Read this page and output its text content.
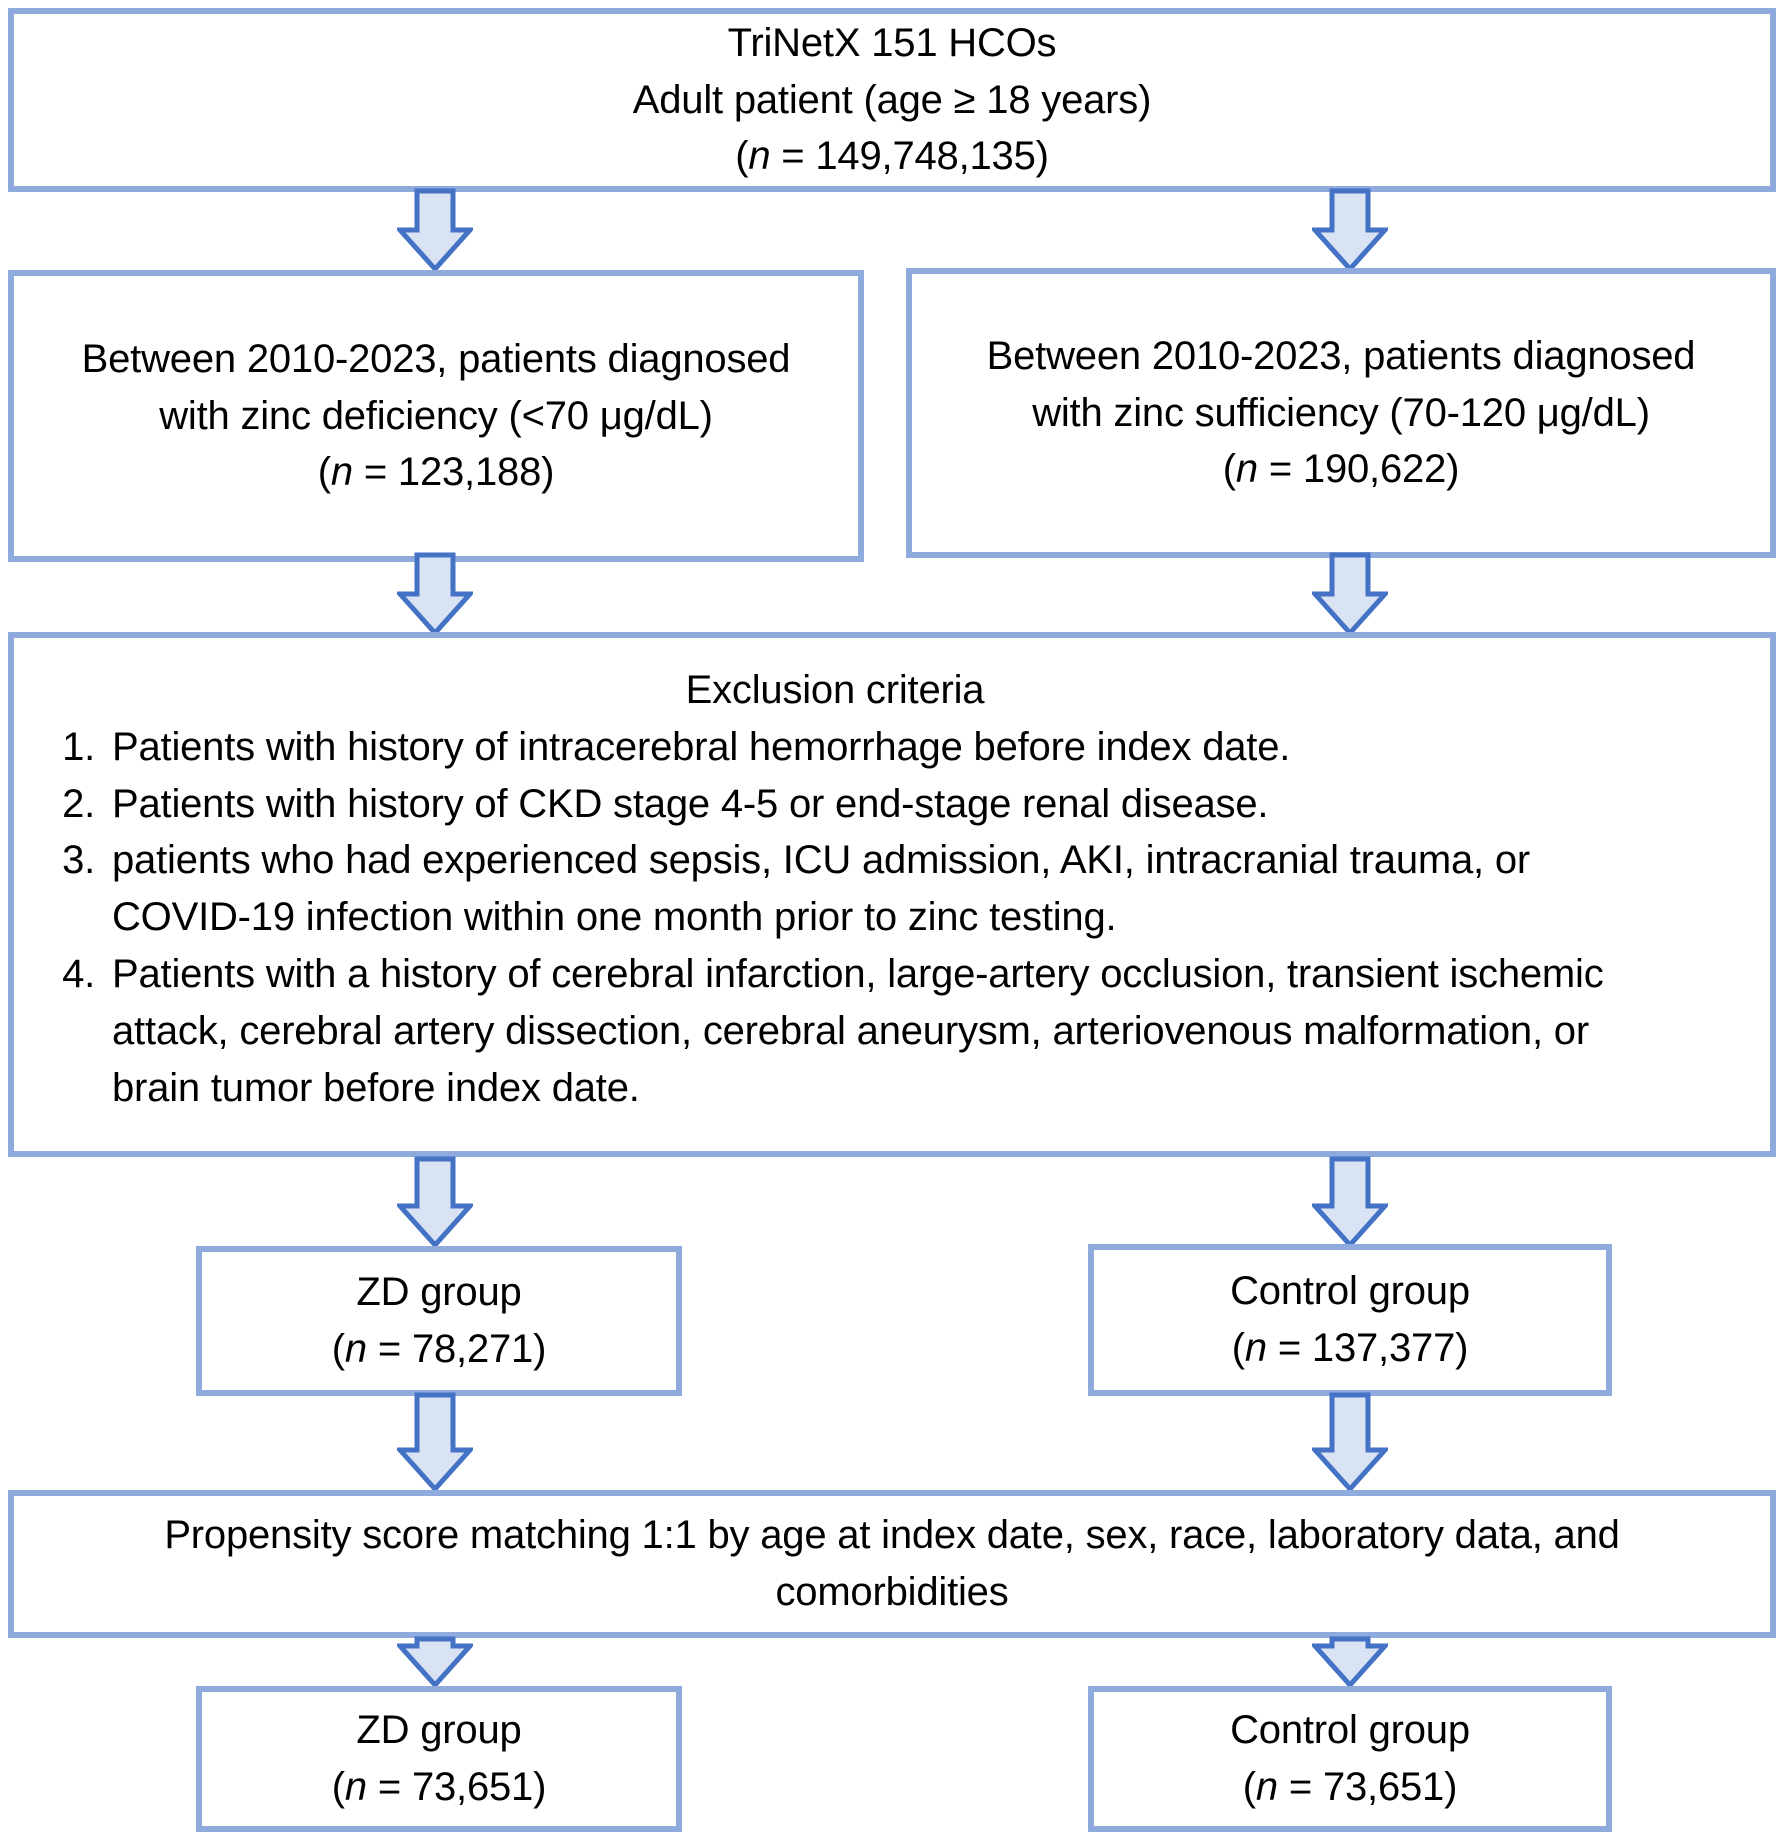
TriNetX 151 HCOs
Adult patient (age ≥ 18 years)
(n = 149,748,135)
Between 2010-2023, patients diagnosed with zinc deficiency (<70 μg/dL)
(n = 123,188)
Between 2010-2023, patients diagnosed with zinc sufficiency (70-120 μg/dL)
(n = 190,622)
Exclusion criteria
1. Patients with history of intracerebral hemorrhage before index date.
2. Patients with history of CKD stage 4-5 or end-stage renal disease.
3. patients who had experienced sepsis, ICU admission, AKI, intracranial trauma, or COVID-19 infection within one month prior to zinc testing.
4. Patients with a history of cerebral infarction, large-artery occlusion, transient ischemic attack, cerebral artery dissection, cerebral aneurysm, arteriovenous malformation, or brain tumor before index date.
ZD group
(n = 78,271)
Control group
(n = 137,377)
Propensity score matching 1:1 by age at index date, sex, race, laboratory data, and comorbidities
ZD group
(n = 73,651)
Control group
(n = 73,651)
